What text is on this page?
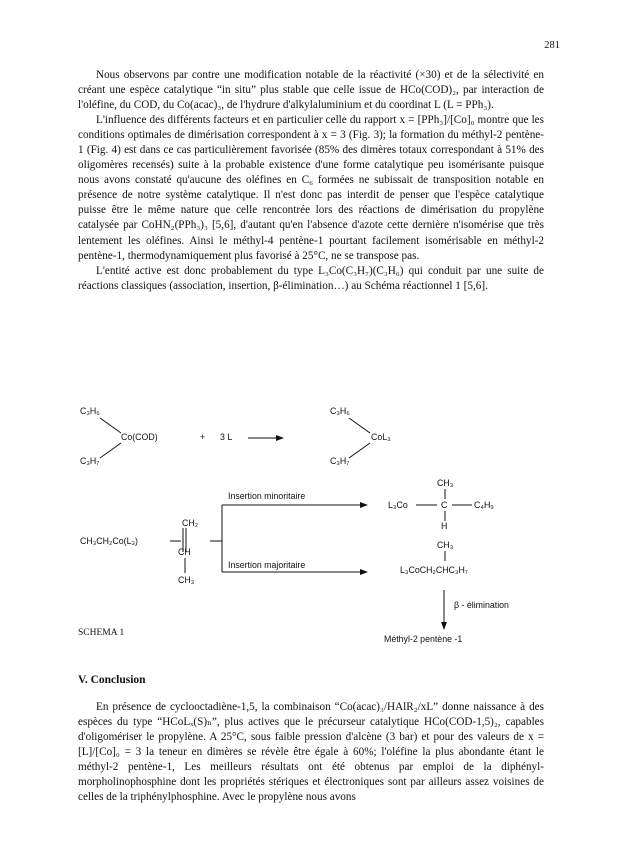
281

Nous observons par contre une modification notable de la réactivité (×30) et de la sélectivité en créant une espèce catalytique “in situ” plus stable que celle issue de HCo(COD)₂, par interaction de l'oléfine, du COD, du Co(acac)₃, de l'hydrure d'alkylaluminium et du coordinat L (L = PPh₃).

L'influence des différents facteurs et en particulier celle du rapport x = [PPh₃]/[Co]₀ montre que les conditions optimales de dimérisation correspondent à x = 3 (Fig. 3); la formation du méthyl-2 pentène-1 (Fig. 4) est dans ce cas particulièrement favorisée (85% des dimères totaux correspondant à 51% des oligomères recensés) suite à la probable existence d'une forme catalytique peu isomérisante puisque nous avons constaté qu'aucune des oléfines en C₆ formées ne subissait de transposition notable en présence de notre système catalytique. Il n'est donc pas interdit de penser que l'espèce catalytique puisse être le même nature que celle rencontrée lors des réactions de dimérisation du propylène catalysée par CoHN₂(PPh₃)₃ [5,6], d'autant qu'en l'absence d'azote cette dernière n'isomérise que très lentement les oléfines. Ainsi le méthyl-4 pentène-1 pourtant facilement isomérisable en méthyl-2 pentène-1, thermodynamiquement plus favorisé à 25°C, ne se transpose pas.

L'entité active est donc probablement du type L₃Co(C₃H₇)(C₃H₆) qui conduit par une suite de réactions classiques (association, insertion, β-élimination…) au Schéma réactionnel 1 [5,6].

C₃H₆
Co(COD)
C₃H₇
+ 3 L
C₃H₆
CoL₃
C₃H₇
CH₃CH₂Co(L₃)
CH₂
CH
CH₃
Insertion minoritaire
Insertion majoritaire
CH₃
L₃Co	C	C₄H₉
H
CH₃
L₃CoCH₂CHC₃H₇
β - élimination
Méthyl-2 pentène -1
SCHEMA 1
V. Conclusion

En présence de cyclooctadiène-1,5, la combinaison “Co(acac)₃/HAlR₂/xL” donne naissance à des espèces du type “HCoLₓ(S)ₙ”, plus actives que le précurseur catalytique HCo(COD-1,5)₂, capables d'oligomériser le propylène. A 25°C, sous faible pression d'alcène (3 bar) et pour des valeurs de x = [L]/[Co]₀ = 3 la teneur en dimères se révèle être égale à 60%; l'oléfine la plus abondante étant le méthyl-2 pentène-1, Les meilleurs résultats ont été obtenus par emploi de la diphényl-morpholinophosphine dont les propriétés stériques et électroniques sont par ailleurs assez voisines de celles de la triphénylphosphine. Avec le propylène nous avons
